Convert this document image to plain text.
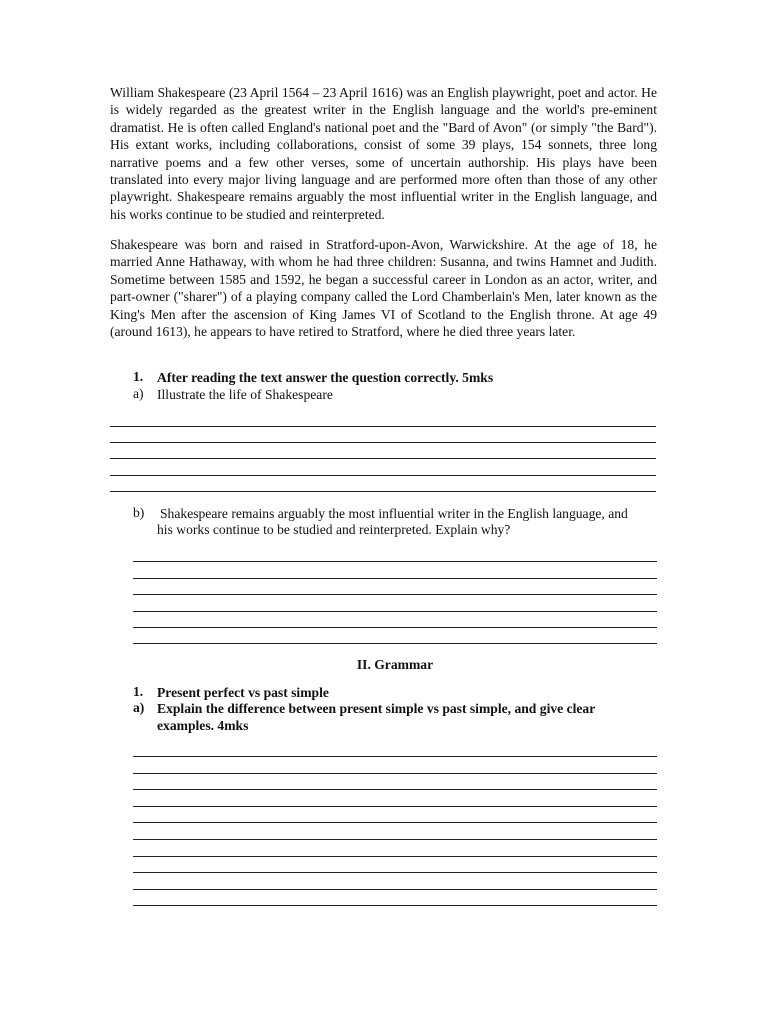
William Shakespeare (23 April 1564 – 23 April 1616) was an English playwright, poet and actor. He is widely regarded as the greatest writer in the English language and the world's pre-eminent dramatist. He is often called England's national poet and the "Bard of Avon" (or simply "the Bard"). His extant works, including collaborations, consist of some 39 plays, 154 sonnets, three long narrative poems and a few other verses, some of uncertain authorship. His plays have been translated into every major living language and are performed more often than those of any other playwright. Shakespeare remains arguably the most influential writer in the English language, and his works continue to be studied and reinterpreted.

Shakespeare was born and raised in Stratford-upon-Avon, Warwickshire. At the age of 18, he married Anne Hathaway, with whom he had three children: Susanna, and twins Hamnet and Judith. Sometime between 1585 and 1592, he began a successful career in London as an actor, writer, and part-owner ("sharer") of a playing company called the Lord Chamberlain's Men, later known as the King's Men after the ascension of King James VI of Scotland to the English throne. At age 49 (around 1613), he appears to have retired to Stratford, where he died three years later.

1. After reading the text answer the question correctly. 5mks
a) Illustrate the life of Shakespeare
b) Shakespeare remains arguably the most influential writer in the English language, and
his works continue to be studied and reinterpreted. Explain why?
II. Grammar
1. Present perfect vs past simple
a) Explain the difference between present simple vs past simple, and give clear
examples. 4mks
